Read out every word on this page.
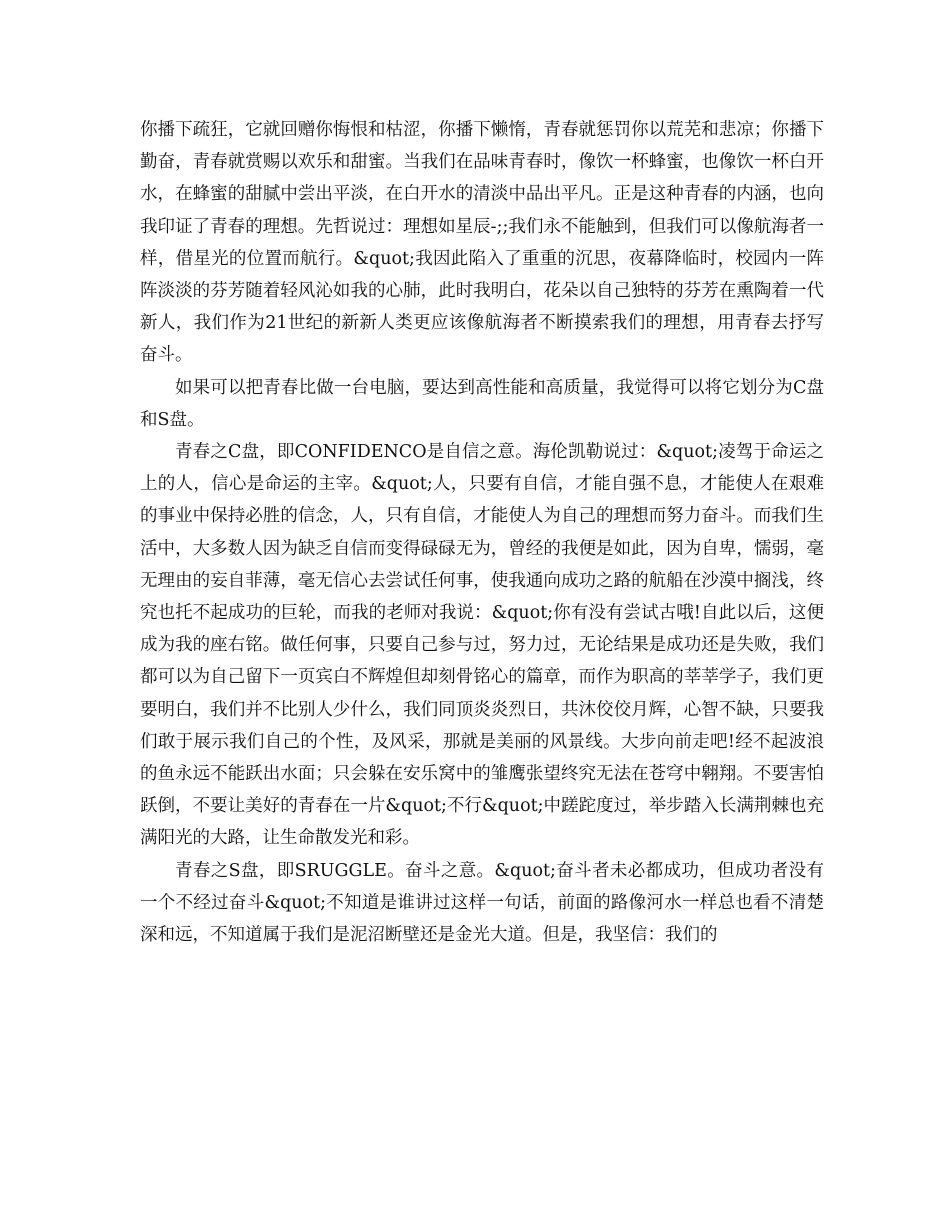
你播下疏狂，它就回赠你悔恨和枯涩，你播下懒惰，青春就惩罚你以荒芜和悲凉；你播下勤奋，青春就赏赐以欢乐和甜蜜。当我们在品味青春时，像饮一杯蜂蜜，也像饮一杯白开水，在蜂蜜的甜腻中尝出平淡，在白开水的清淡中品出平凡。正是这种青春的内涵，也向我印证了青春的理想。先哲说过：理想如星辰-;;我们永不能触到，但我们可以像航海者一样，借星光的位置而航行。&quot;我因此陷入了重重的沉思，夜幕降临时，校园内一阵阵淡淡的芬芳随着轻风沁如我的心肺，此时我明白，花朵以自己独特的芬芳在熏陶着一代新人，我们作为21世纪的新新人类更应该像航海者不断摸索我们的理想，用青春去抒写奋斗。

如果可以把青春比做一台电脑，要达到高性能和高质量，我觉得可以将它划分为C盘和S盘。

青春之C盘，即CONFIDENCO是自信之意。海伦凯勒说过：&quot;凌驾于命运之上的人，信心是命运的主宰。&quot;人，只要有自信，才能自强不息，才能使人在艰难的事业中保持必胜的信念，人，只有自信，才能使人为自己的理想而努力奋斗。而我们生活中，大多数人因为缺乏自信而变得碌碌无为，曾经的我便是如此，因为自卑，懦弱，毫无理由的妄自菲薄，毫无信心去尝试任何事，使我通向成功之路的航船在沙漠中搁浅，终究也托不起成功的巨轮，而我的老师对我说：&quot;你有没有尝试古哦!自此以后，这便成为我的座右铭。做任何事，只要自己参与过，努力过，无论结果是成功还是失败，我们都可以为自己留下一页宾白不辉煌但却刻骨铭心的篇章，而作为职高的莘莘学子，我们更要明白，我们并不比别人少什么，我们同顶炎炎烈日，共沐佼佼月辉，心智不缺，只要我们敢于展示我们自己的个性，及风采，那就是美丽的风景线。大步向前走吧!经不起波浪的鱼永远不能跃出水面；只会躲在安乐窝中的雏鹰张望终究无法在苍穹中翱翔。不要害怕跃倒，不要让美好的青春在一片&quot;不行&quot;中蹉跎度过，举步踏入长满荆棘也充满阳光的大路，让生命散发光和彩。

青春之S盘，即SRUGGLE。奋斗之意。&quot;奋斗者未必都成功，但成功者没有一个不经过奋斗&quot;不知道是谁讲过这样一句话，前面的路像河水一样总也看不清楚深和远，不知道属于我们是泥沼断壁还是金光大道。但是，我坚信：我们的
